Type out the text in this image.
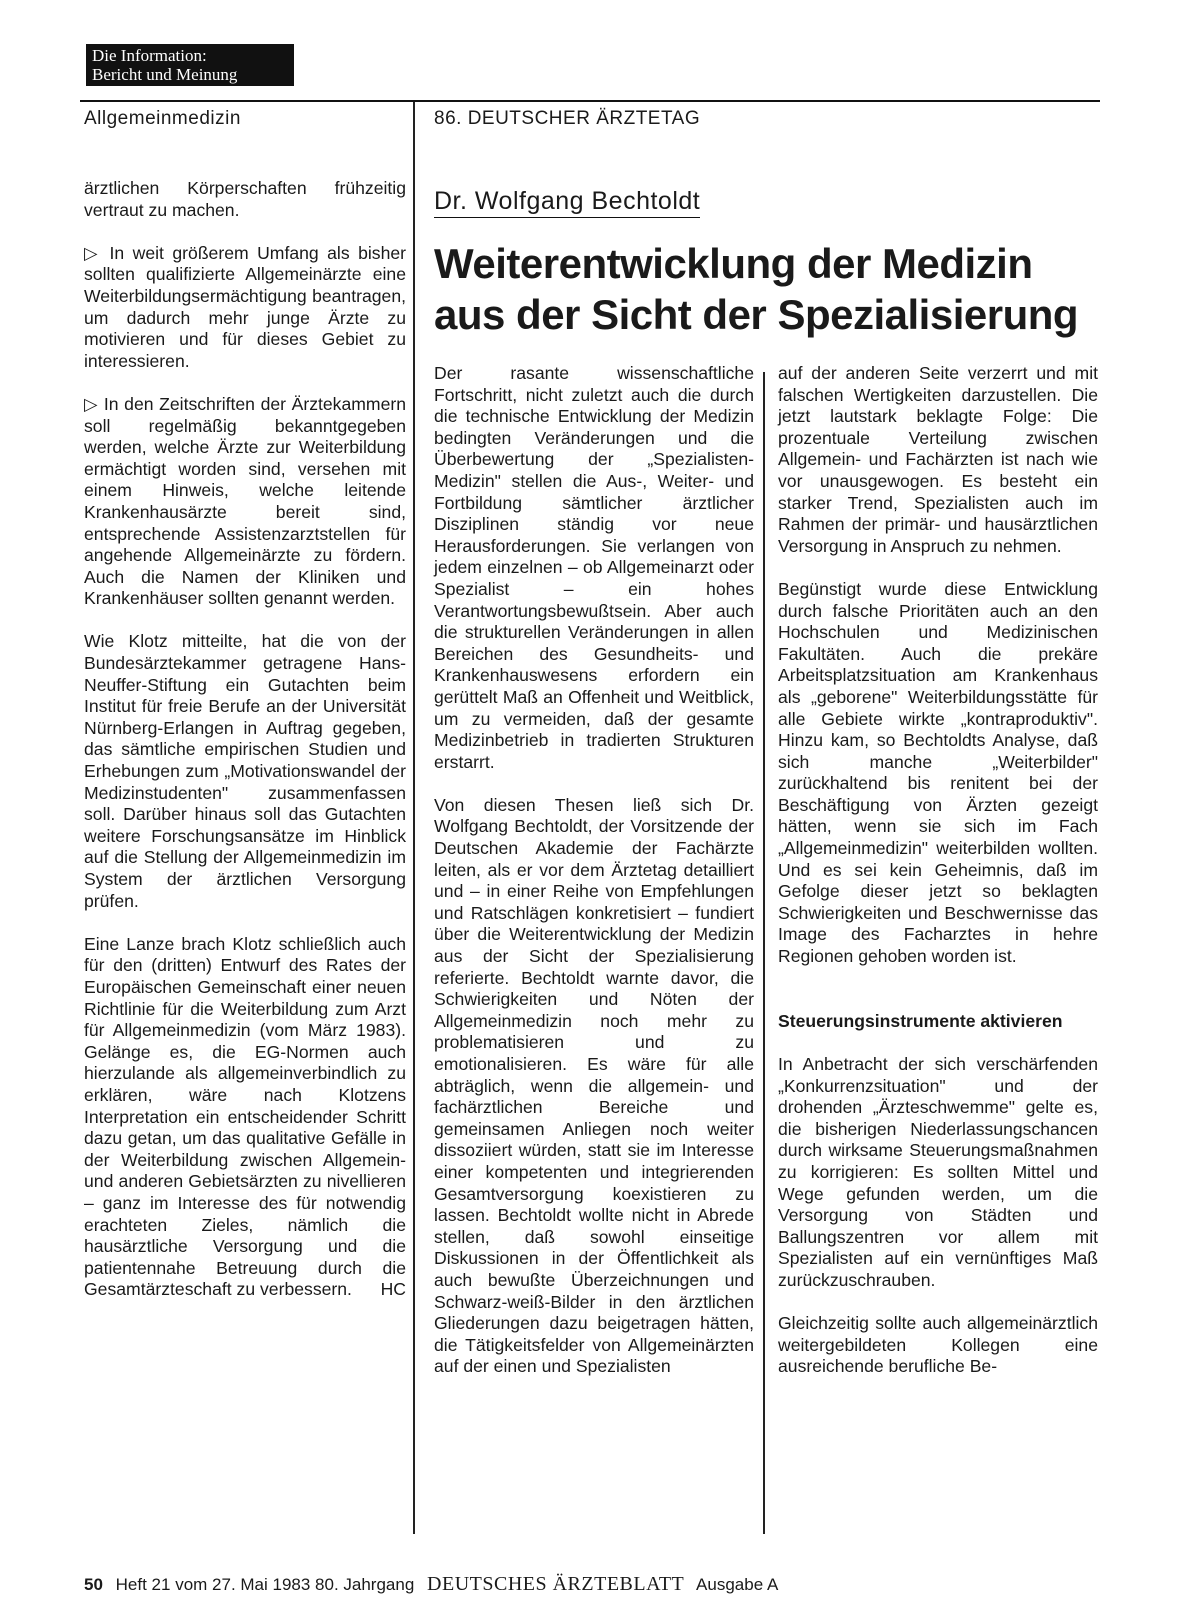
Die Information:
Bericht und Meinung
Allgemeinmedizin	86. DEUTSCHER ÄRZTETAG
Dr. Wolfgang Bechtoldt
Weiterentwicklung der Medizin
aus der Sicht der Spezialisierung

ärztlichen Körperschaften frühzeitig vertraut zu machen.

▷ In weit größerem Umfang als bisher sollten qualifizierte Allgemeinärzte eine Weiterbildungsermächtigung beantragen, um dadurch mehr junge Ärzte zu motivieren und für dieses Gebiet zu interessieren.

▷ In den Zeitschriften der Ärztekammern soll regelmäßig bekanntgegeben werden, welche Ärzte zur Weiterbildung ermächtigt worden sind, versehen mit einem Hinweis, welche leitende Krankenhausärzte bereit sind, entsprechende Assistenzarztstellen für angehende Allgemeinärzte zu fördern. Auch die Namen der Kliniken und Krankenhäuser sollten genannt werden.

Wie Klotz mitteilte, hat die von der Bundesärztekammer getragene Hans-Neuffer-Stiftung ein Gutachten beim Institut für freie Berufe an der Universität Nürnberg-Erlangen in Auftrag gegeben, das sämtliche empirischen Studien und Erhebungen zum „Motivationswandel der Medizinstudenten" zusammenfassen soll. Darüber hinaus soll das Gutachten weitere Forschungsansätze im Hinblick auf die Stellung der Allgemeinmedizin im System der ärztlichen Versorgung prüfen.

Eine Lanze brach Klotz schließlich auch für den (dritten) Entwurf des Rates der Europäischen Gemeinschaft einer neuen Richtlinie für die Weiterbildung zum Arzt für Allgemeinmedizin (vom März 1983). Gelänge es, die EG-Normen auch hierzulande als allgemeinverbindlich zu erklären, wäre nach Klotzens Interpretation ein entscheidender Schritt dazu getan, um das qualitative Gefälle in der Weiterbildung zwischen Allgemein- und anderen Gebietsärzten zu nivellieren – ganz im Interesse des für notwendig erachteten Zieles, nämlich die hausärztliche Versorgung und die patientennahe Betreuung durch die Gesamtärzteschaft zu verbessern. HC

Der rasante wissenschaftliche Fortschritt, nicht zuletzt auch die durch die technische Entwicklung der Medizin bedingten Veränderungen und die Überbewertung der „Spezialisten-Medizin" stellen die Aus-, Weiter- und Fortbildung sämtlicher ärztlicher Disziplinen ständig vor neue Herausforderungen. Sie verlangen von jedem einzelnen – ob Allgemeinarzt oder Spezialist – ein hohes Verantwortungsbewußtsein. Aber auch die strukturellen Veränderungen in allen Bereichen des Gesundheits- und Krankenhauswesens erfordern ein gerüttelt Maß an Offenheit und Weitblick, um zu vermeiden, daß der gesamte Medizinbetrieb in tradierten Strukturen erstarrt.

Von diesen Thesen ließ sich Dr. Wolfgang Bechtoldt, der Vorsitzende der Deutschen Akademie der Fachärzte leiten, als er vor dem Ärztetag detailliert und – in einer Reihe von Empfehlungen und Ratschlägen konkretisiert – fundiert über die Weiterentwicklung der Medizin aus der Sicht der Spezialisierung referierte. Bechtoldt warnte davor, die Schwierigkeiten und Nöten der Allgemeinmedizin noch mehr zu problematisieren und zu emotionalisieren. Es wäre für alle abträglich, wenn die allgemein- und fachärztlichen Bereiche und gemeinsamen Anliegen noch weiter dissoziiert würden, statt sie im Interesse einer kompetenten und integrierenden Gesamtversorgung koexistieren zu lassen. Bechtoldt wollte nicht in Abrede stellen, daß sowohl einseitige Diskussionen in der Öffentlichkeit als auch bewußte Überzeichnungen und Schwarz-weiß-Bilder in den ärztlichen Gliederungen dazu beigetragen hätten, die Tätigkeitsfelder von Allgemeinärzten auf der einen und Spezialisten

auf der anderen Seite verzerrt und mit falschen Wertigkeiten darzustellen. Die jetzt lautstark beklagte Folge: Die prozentuale Verteilung zwischen Allgemein- und Fachärzten ist nach wie vor unausgewogen. Es besteht ein starker Trend, Spezialisten auch im Rahmen der primär- und hausärztlichen Versorgung in Anspruch zu nehmen.

Begünstigt wurde diese Entwicklung durch falsche Prioritäten auch an den Hochschulen und Medizinischen Fakultäten. Auch die prekäre Arbeitsplatzsituation am Krankenhaus als „geborene" Weiterbildungsstätte für alle Gebiete wirkte „kontraproduktiv". Hinzu kam, so Bechtoldts Analyse, daß sich manche „Weiterbilder" zurückhaltend bis renitent bei der Beschäftigung von Ärzten gezeigt hätten, wenn sie sich im Fach „Allgemeinmedizin" weiterbilden wollten. Und es sei kein Geheimnis, daß im Gefolge dieser jetzt so beklagten Schwierigkeiten und Beschwernisse das Image des Facharztes in hehre Regionen gehoben worden ist.

Steuerungsinstrumente aktivieren

In Anbetracht der sich verschärfenden „Konkurrenzsituation" und der drohenden „Ärzteschwemme" gelte es, die bisherigen Niederlassungschancen durch wirksame Steuerungsmaßnahmen zu korrigieren: Es sollten Mittel und Wege gefunden werden, um die Versorgung von Städten und Ballungszentren vor allem mit Spezialisten auf ein vernünftiges Maß zurückzuschrauben.

Gleichzeitig sollte auch allgemeinärztlich weitergebildeten Kollegen eine ausreichende berufliche Be-

50 Heft 21 vom 27. Mai 1983 80. Jahrgang DEUTSCHES ÄRZTEBLATT Ausgabe A
